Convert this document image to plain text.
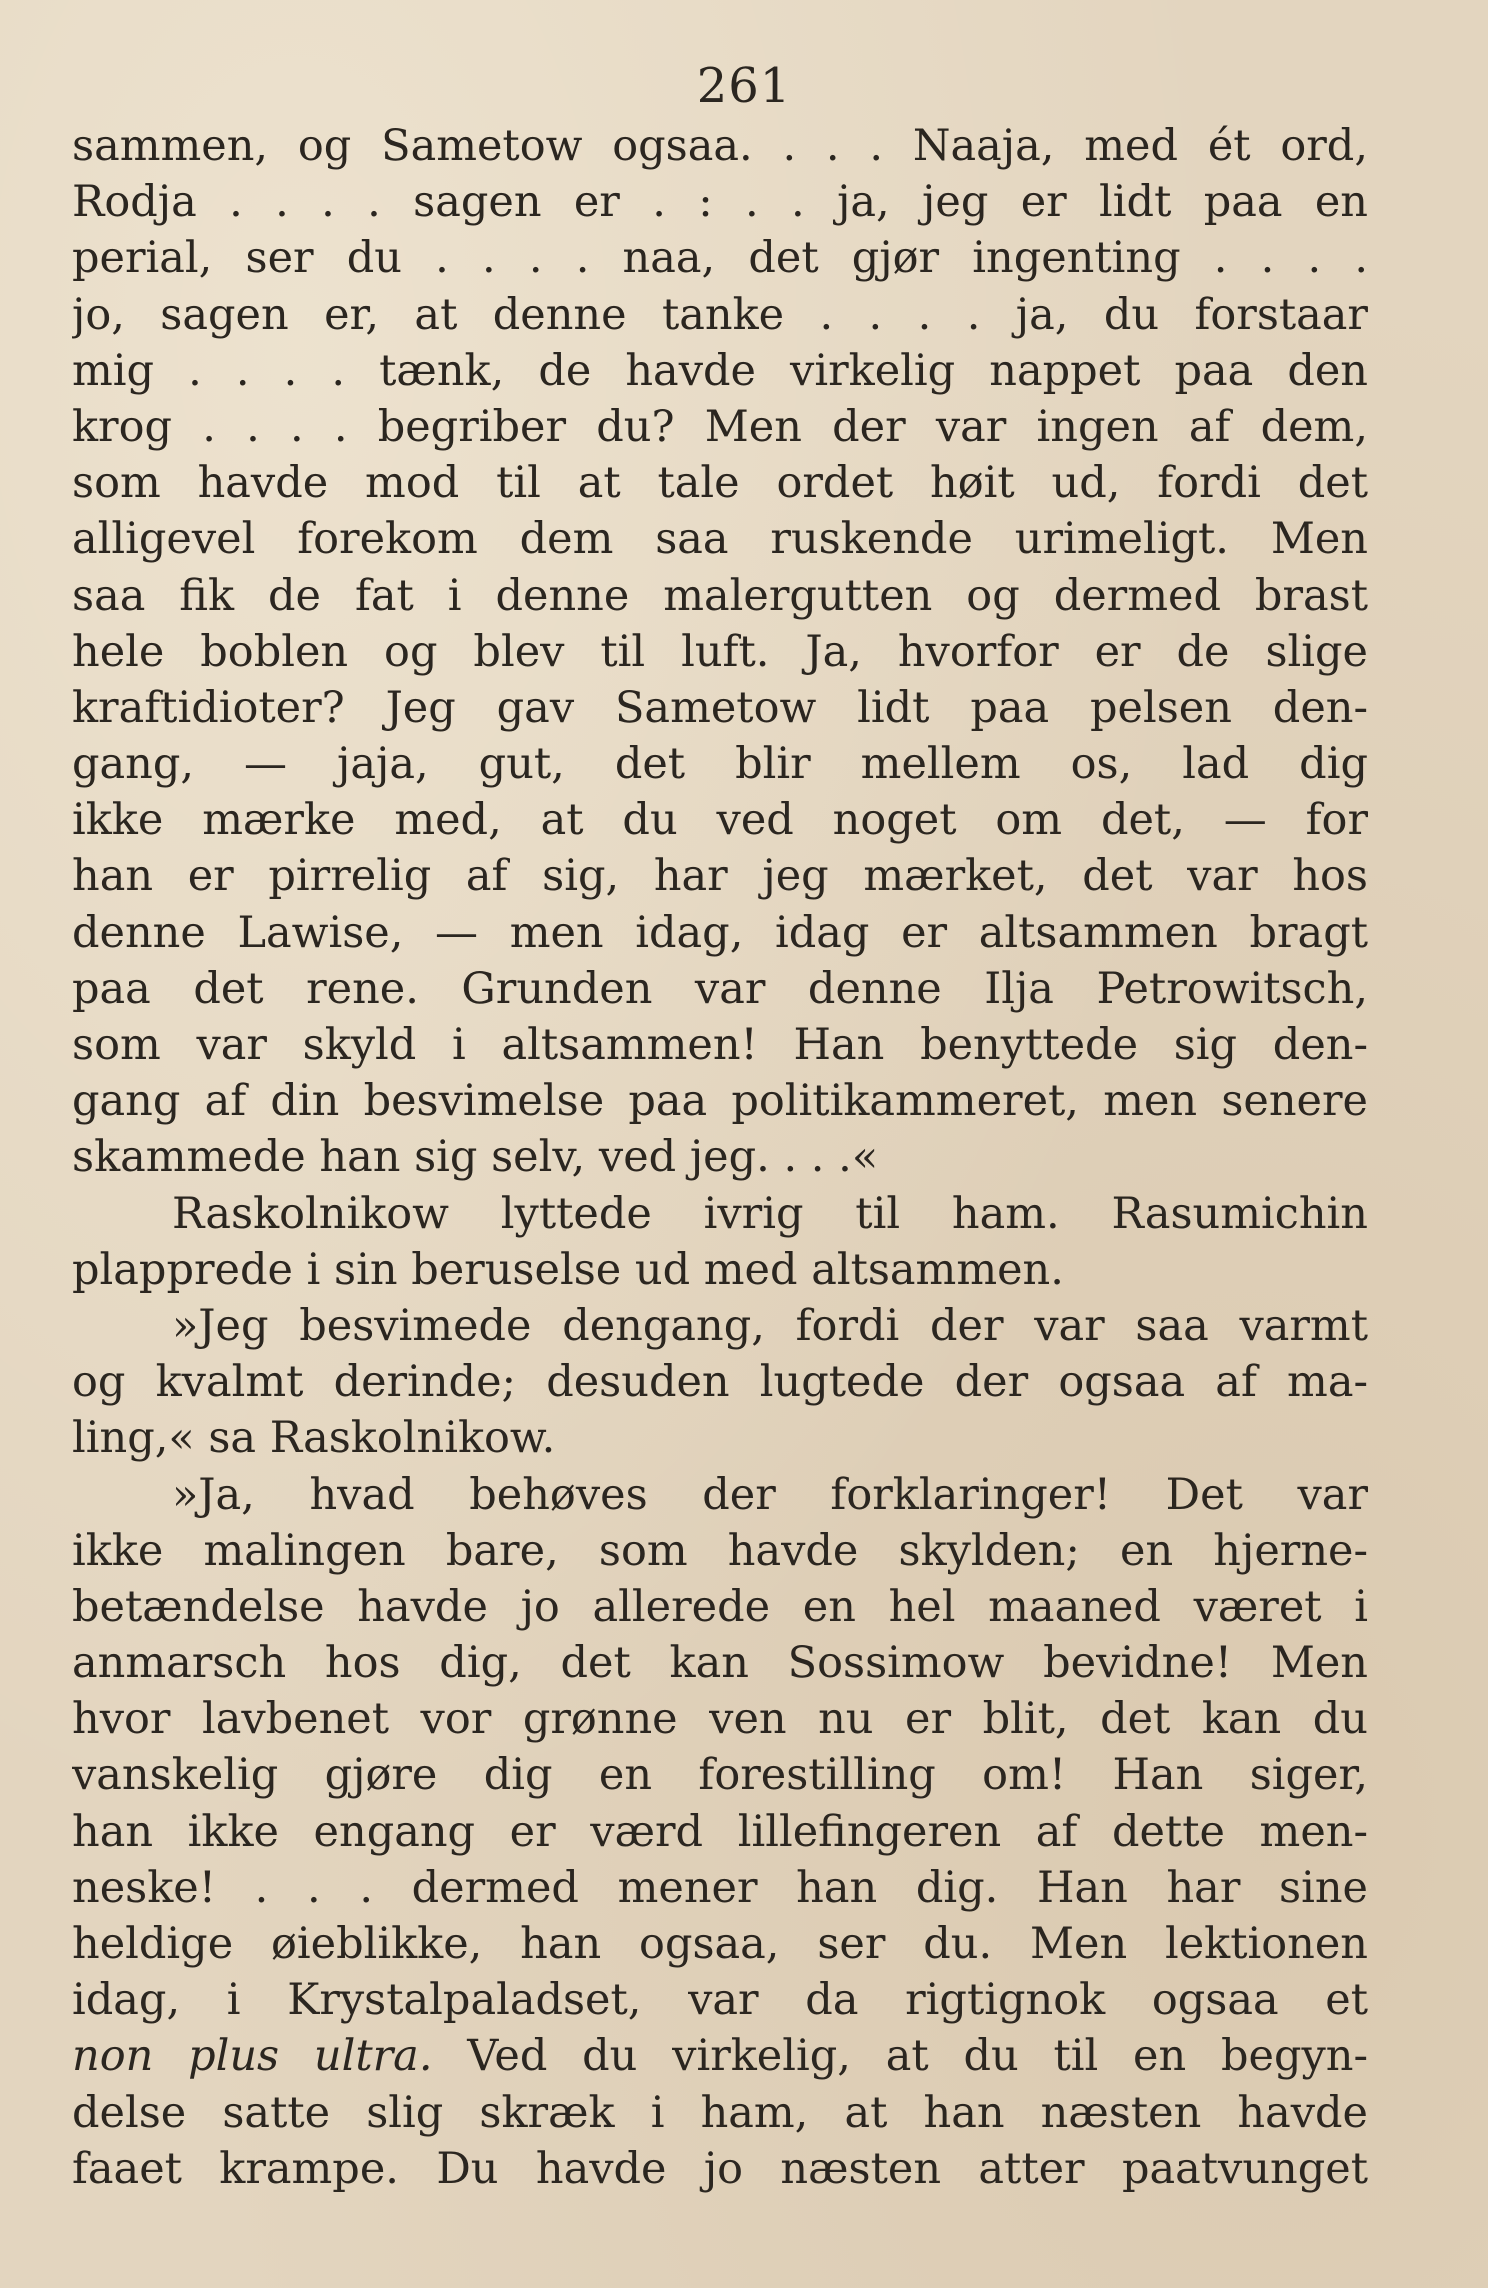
261
sammen, og Sametow ogsaa. . . . Naaja, med ét ord,
Rodja . . . . sagen er . : . . ja, jeg er lidt paa en
perial, ser du . . . . naa, det gjør ingenting . . . .
jo, sagen er, at denne tanke . . . . ja, du forstaar
mig . . . . tænk, de havde virkelig nappet paa den
krog . . . . begriber du? Men der var ingen af dem,
som havde mod til at tale ordet høit ud, fordi det
alligevel forekom dem saa ruskende urimeligt. Men
saa fik de fat i denne malergutten og dermed brast
hele boblen og blev til luft. Ja, hvorfor er de slige
kraftidioter? Jeg gav Sametow lidt paa pelsen den-
gang, — jaja, gut, det blir mellem os, lad dig
ikke mærke med, at du ved noget om det, — for
han er pirrelig af sig, har jeg mærket, det var hos
denne Lawise, — men idag, idag er altsammen bragt
paa det rene. Grunden var denne Ilja Petrowitsch,
som var skyld i altsammen! Han benyttede sig den-
gang af din besvimelse paa politikammeret, men senere
skammede han sig selv, ved jeg. . . .«
Raskolnikow lyttede ivrig til ham. Rasumichin
plapprede i sin beruselse ud med altsammen.
»Jeg besvimede dengang, fordi der var saa varmt
og kvalmt derinde; desuden lugtede der ogsaa af ma-
ling,« sa Raskolnikow.
»Ja, hvad behøves der forklaringer! Det var
ikke malingen bare, som havde skylden; en hjerne-
betændelse havde jo allerede en hel maaned været i
anmarsch hos dig, det kan Sossimow bevidne! Men
hvor lavbenet vor grønne ven nu er blit, det kan du
vanskelig gjøre dig en forestilling om! Han siger,
han ikke engang er værd lillefingeren af dette men-
neske! . . . dermed mener han dig. Han har sine
heldige øieblikke, han ogsaa, ser du. Men lektionen
idag, i Krystalpaladset, var da rigtignok ogsaa et
non plus ultra. Ved du virkelig, at du til en begyn-
delse satte slig skræk i ham, at han næsten havde
faaet krampe. Du havde jo næsten atter paatvunget
